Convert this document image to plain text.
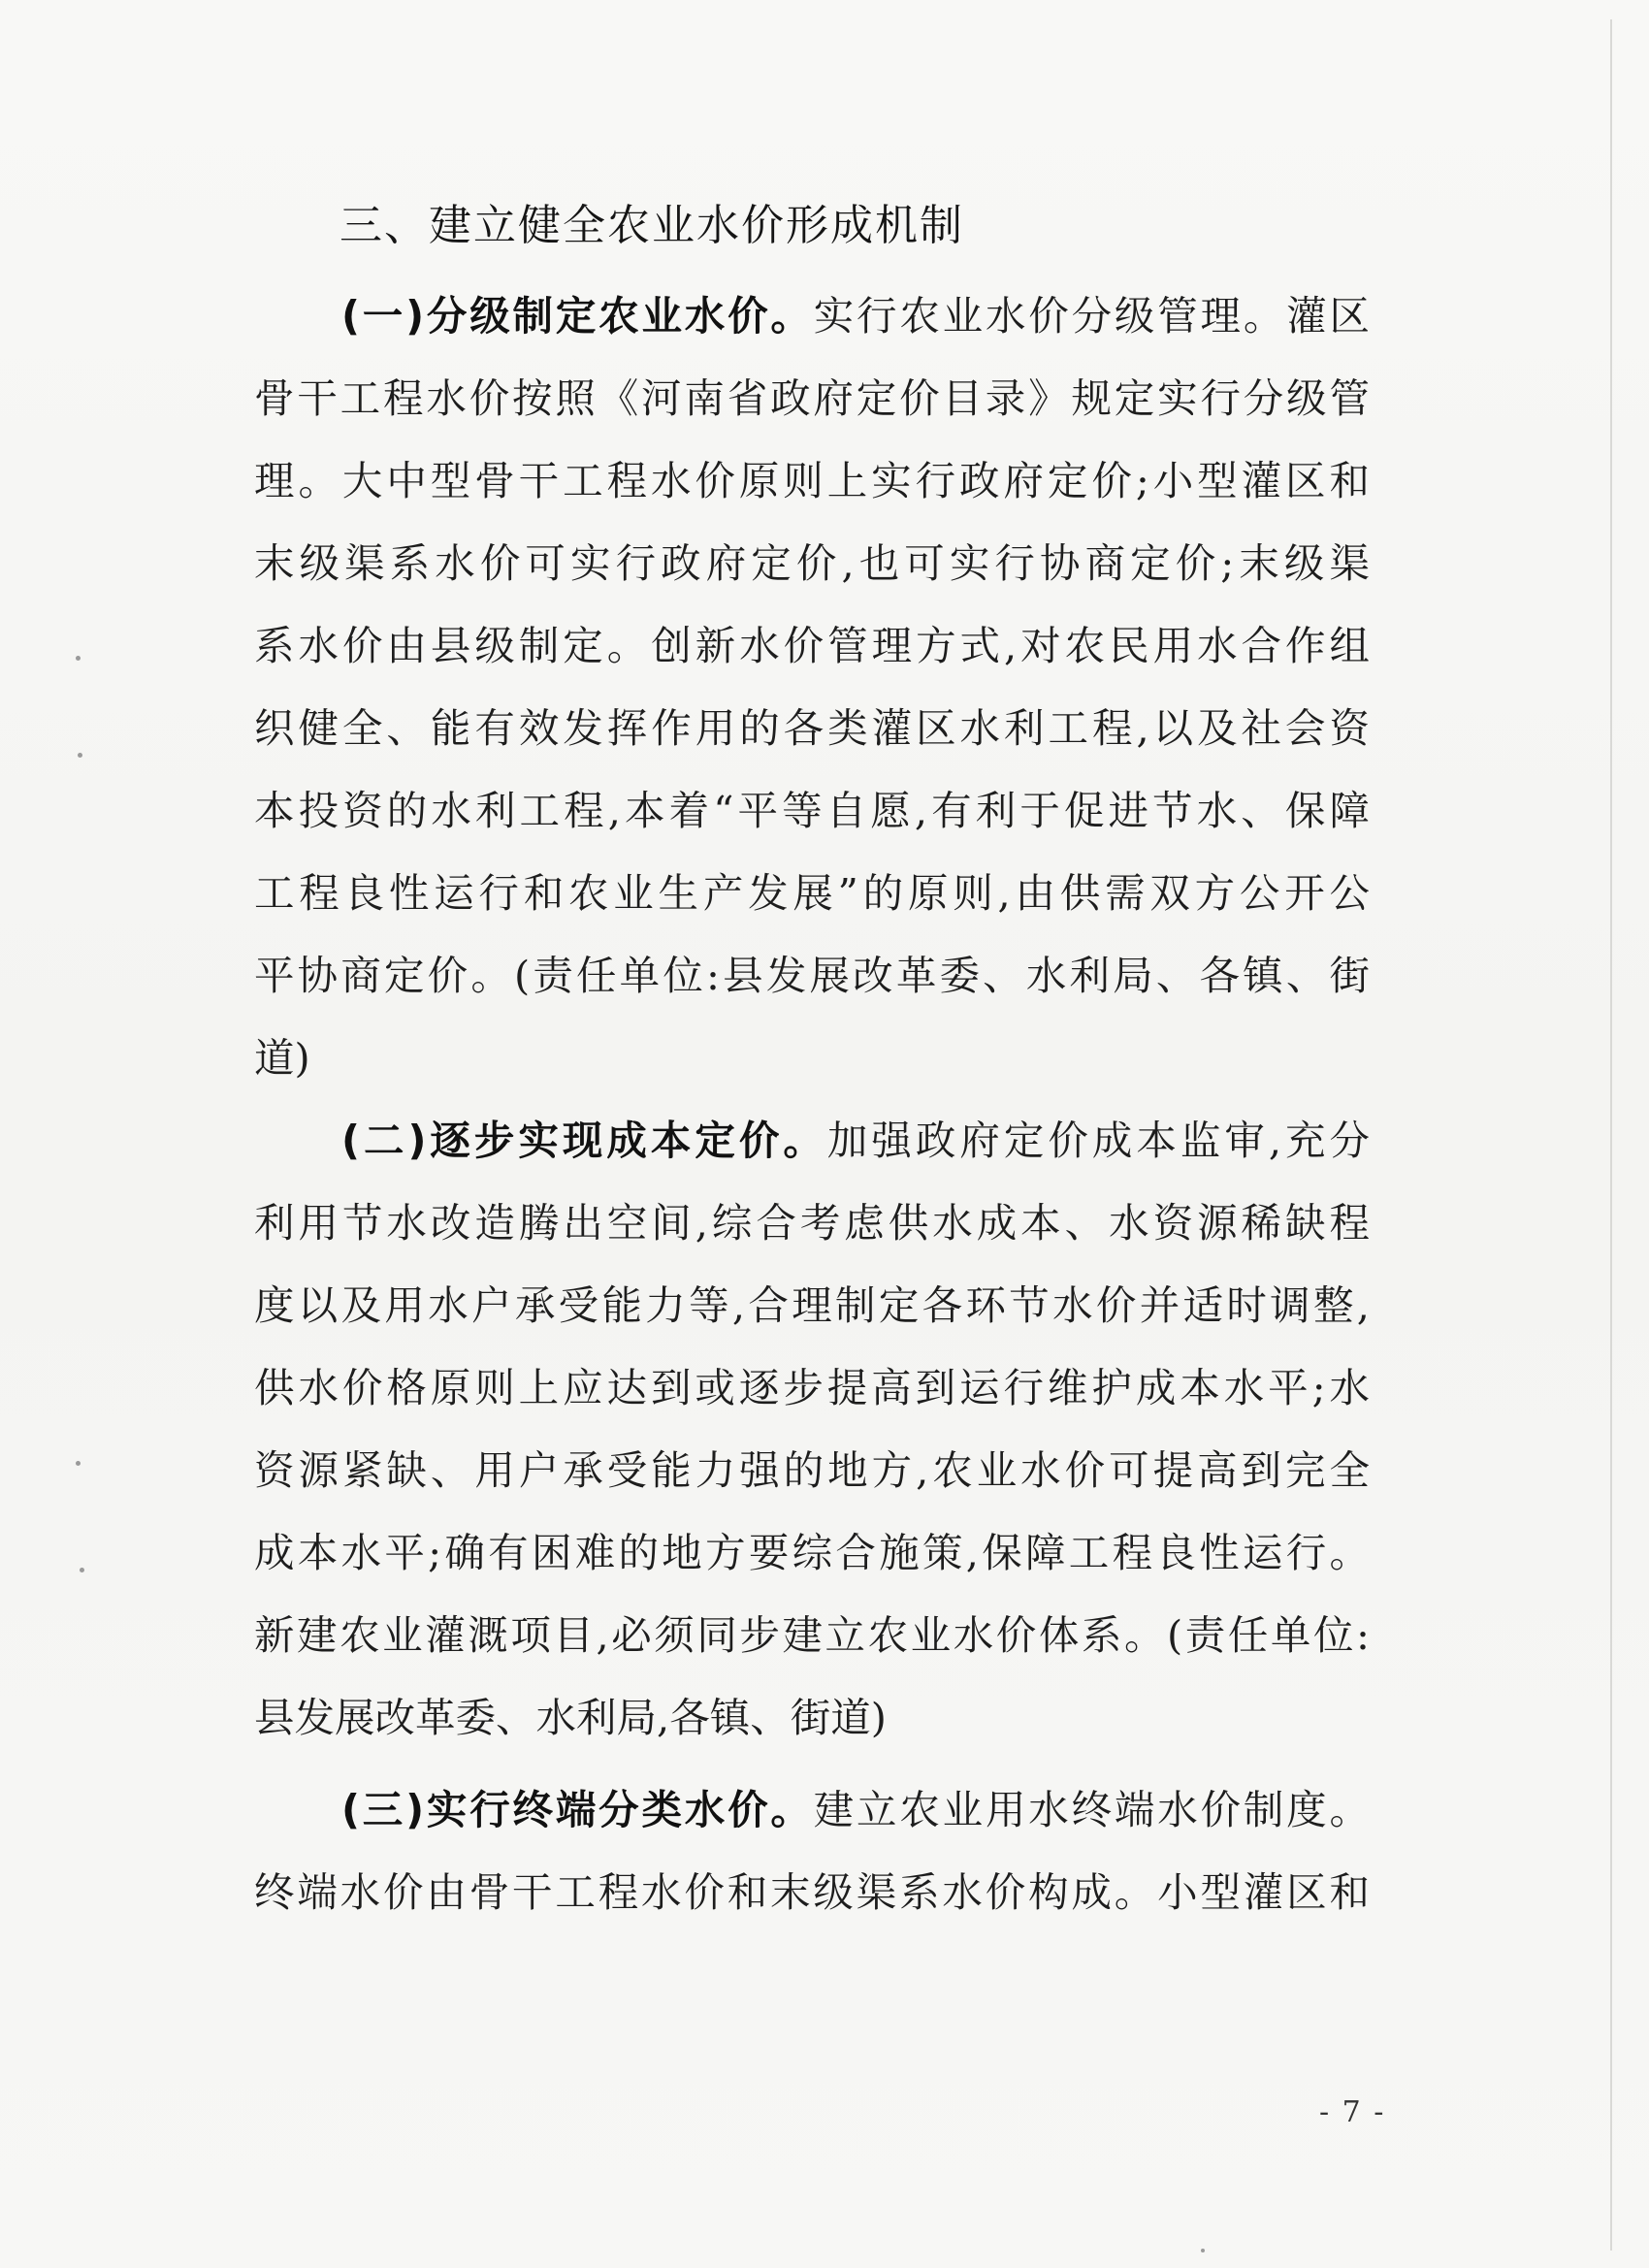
三、建立健全农业水价形成机制
(一)分级制定农业水价。实行农业水价分级管理。灌区
骨干工程水价按照《河南省政府定价目录》规定实行分级管
理。大中型骨干工程水价原则上实行政府定价;小型灌区和
末级渠系水价可实行政府定价,也可实行协商定价;末级渠
系水价由县级制定。创新水价管理方式,对农民用水合作组
织健全、能有效发挥作用的各类灌区水利工程,以及社会资
本投资的水利工程,本着“平等自愿,有利于促进节水、保障
工程良性运行和农业生产发展”的原则,由供需双方公开公
平协商定价。(责任单位:县发展改革委、水利局、各镇、街
道)
(二)逐步实现成本定价。加强政府定价成本监审,充分
利用节水改造腾出空间,综合考虑供水成本、水资源稀缺程
度以及用水户承受能力等,合理制定各环节水价并适时调整,
供水价格原则上应达到或逐步提高到运行维护成本水平;水
资源紧缺、用户承受能力强的地方,农业水价可提高到完全
成本水平;确有困难的地方要综合施策,保障工程良性运行。
新建农业灌溉项目,必须同步建立农业水价体系。(责任单位:
县发展改革委、水利局,各镇、街道)
(三)实行终端分类水价。建立农业用水终端水价制度。
终端水价由骨干工程水价和末级渠系水价构成。小型灌区和
- 7 -
